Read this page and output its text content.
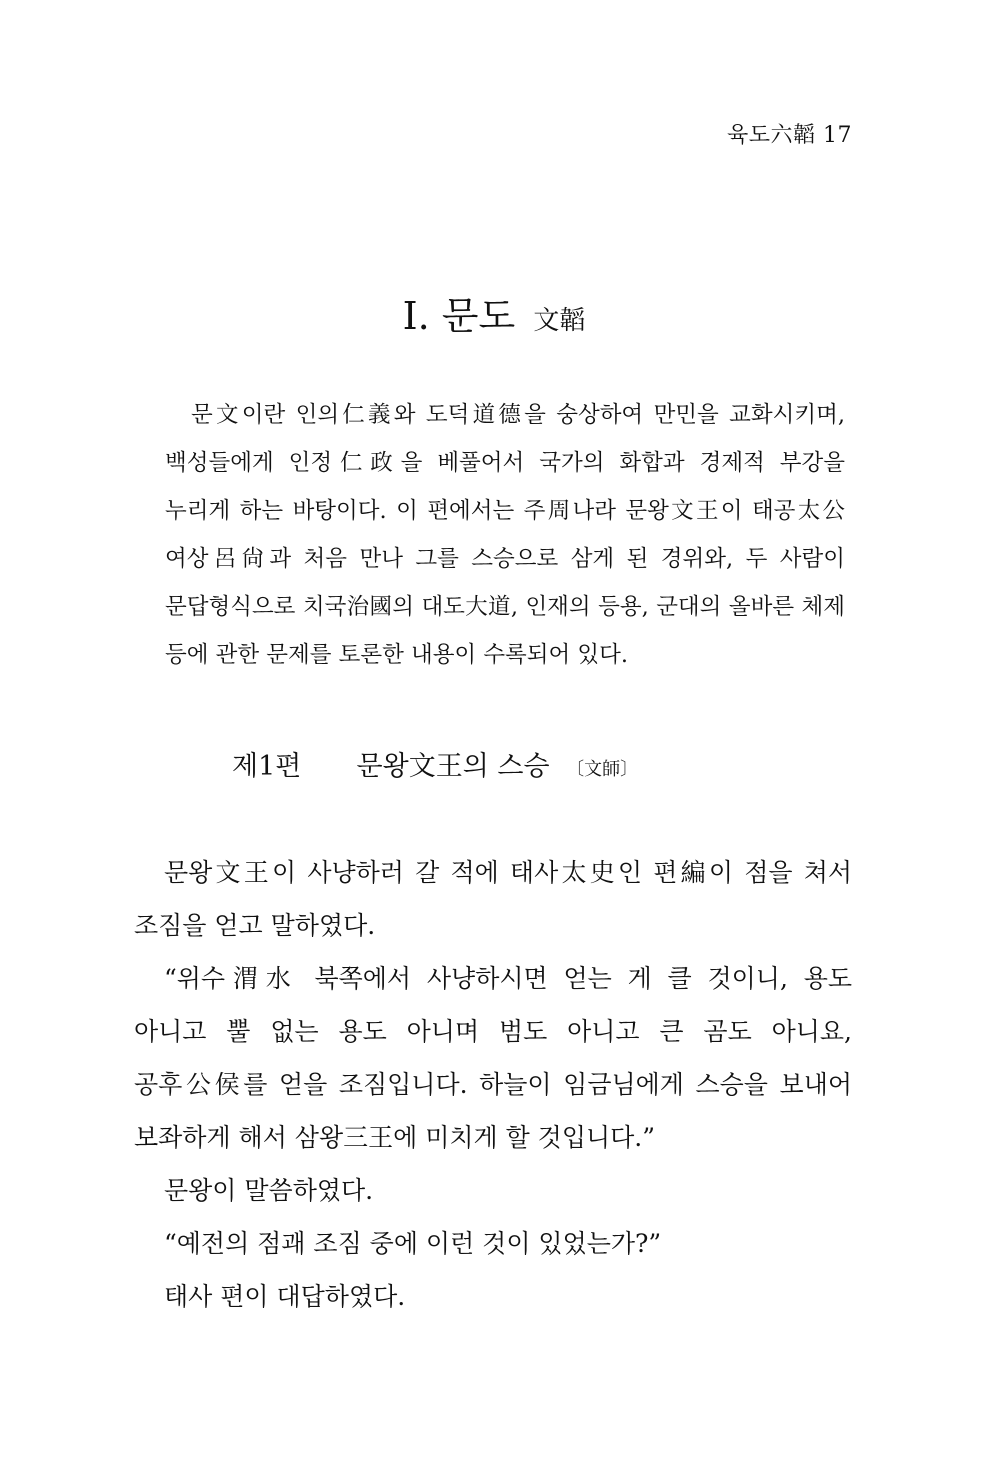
육도六韜 17
Ⅰ. 문도 文韜

문文이란 인의仁義와 도덕道德을 숭상하여 만민을 교화시키며, 백성들에게 인정仁政을 베풀어서 국가의 화합과 경제적 부강을 누리게 하는 바탕이다. 이 편에서는 주周나라 문왕文王이 태공太公 여상呂尙과 처음 만나 그를 스승으로 삼게 된 경위와, 두 사람이 문답형식으로 치국治國의 대도大道, 인재의 등용, 군대의 올바른 체제 등에 관한 문제를 토론한 내용이 수록되어 있다.

제1편 문왕文王의 스승 〔文師〕

문왕文王이 사냥하러 갈 적에 태사太史인 편編이 점을 쳐서 조짐을 얻고 말하였다.

“위수渭水 북쪽에서 사냥하시면 얻는 게 클 것이니, 용도 아니고 뿔 없는 용도 아니며 범도 아니고 큰 곰도 아니요, 공후公侯를 얻을 조짐입니다. 하늘이 임금님에게 스승을 보내어 보좌하게 해서 삼왕三王에 미치게 할 것입니다.”

문왕이 말씀하였다.

“예전의 점괘 조짐 중에 이런 것이 있었는가?”

태사 편이 대답하였다.
